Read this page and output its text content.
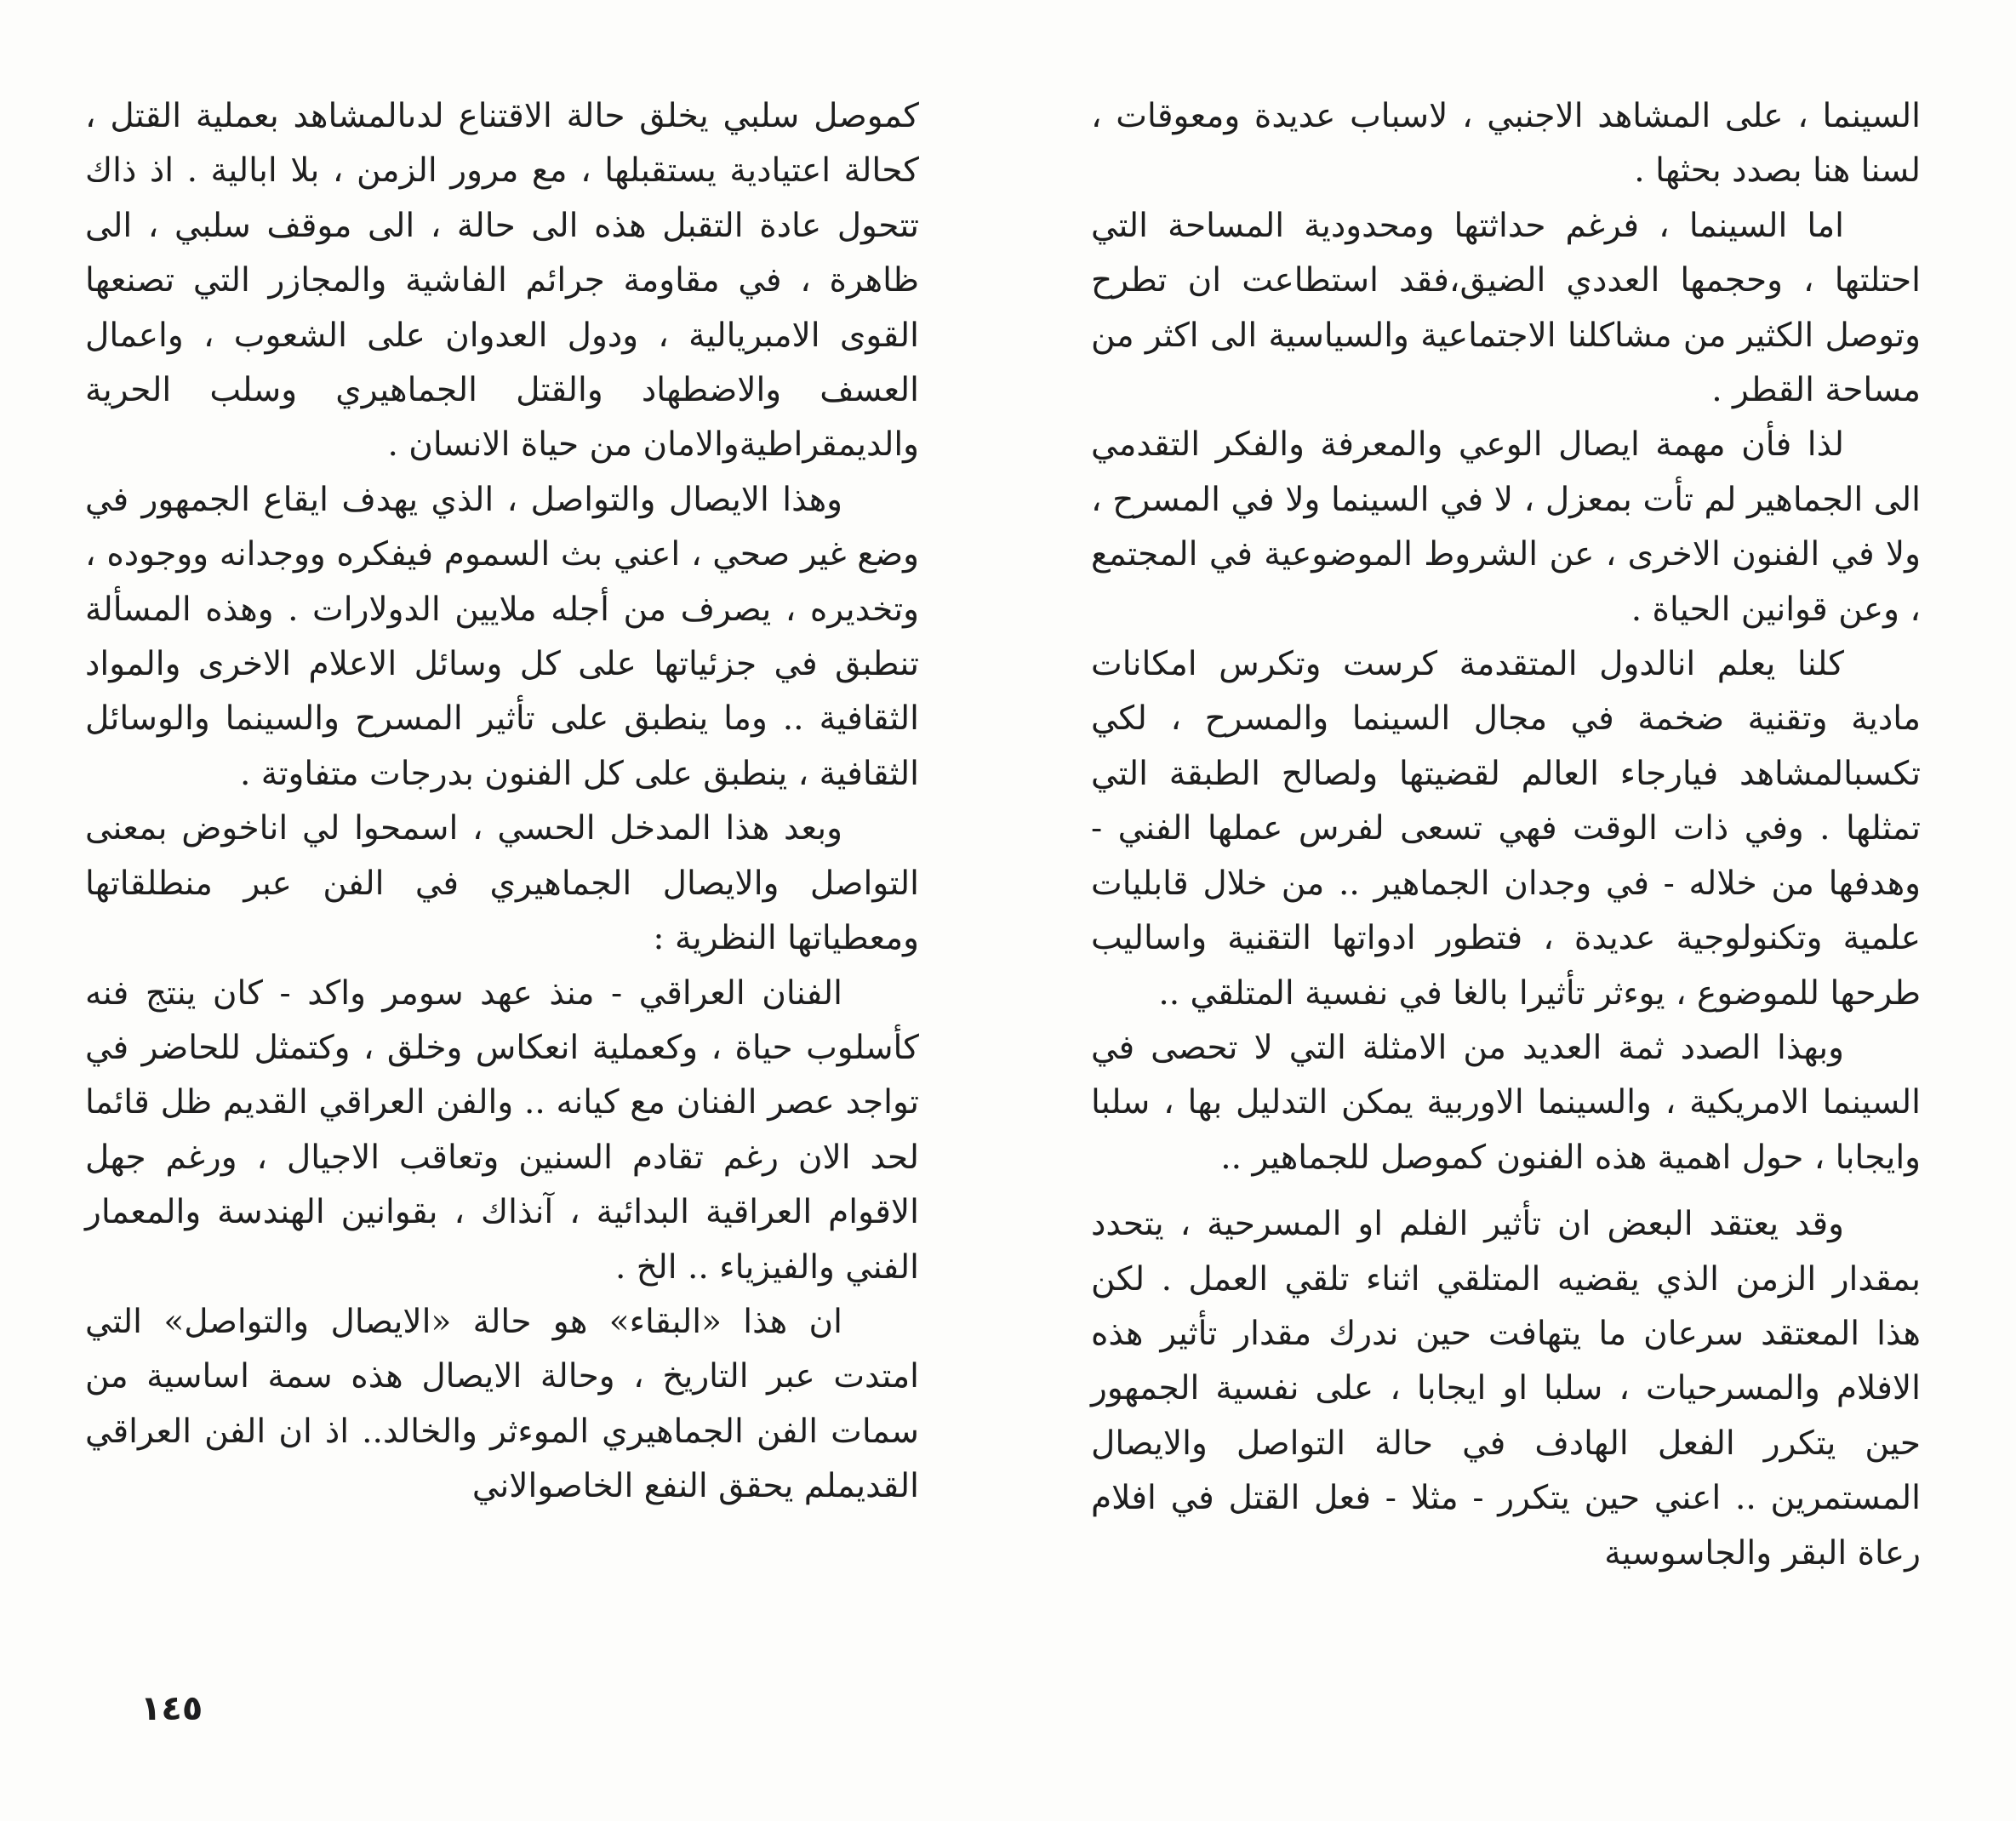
السينما ، على المشاهد الاجنبي ، لاسباب عديدة ومعوقات ، لسنا هنا بصدد بحثها .

اما السينما ، فرغم حداثتها ومحدودية المساحة التي احتلتها ، وحجمها العددي الضيق،فقد استطاعت ان تطرح وتوصل الكثير من مشاكلنا الاجتماعية والسياسية الى اكثر من مساحة القطر .

لذا فأن مهمة ايصال الوعي والمعرفة والفكر التقدمي الى الجماهير لم تأت بمعزل ، لا في السينما ولا في المسرح ، ولا في الفنون الاخرى ، عن الشروط الموضوعية في المجتمع ، وعن قوانين الحياة .

كلنا يعلم انالدول المتقدمة كرست وتكرس امكانات مادية وتقنية ضخمة في مجال السينما والمسرح ، لكي تكسبالمشاهد فيارجاء العالم لقضيتها ولصالح الطبقة التي تمثلها . وفي ذات الوقت فهي تسعى لفرس عملها الفني - وهدفها من خلاله - في وجدان الجماهير .. من خلال قابليات علمية وتكنولوجية عديدة ، فتطور ادواتها التقنية واساليب طرحها للموضوع ، يوءثر تأثيرا بالغا في نفسية المتلقي ..

وبهذا الصدد ثمة العديد من الامثلة التي لا تحصى في السينما الامريكية ، والسينما الاوربية يمكن التدليل بها ، سلبا وايجابا ، حول اهمية هذه الفنون كموصل للجماهير ..

وقد يعتقد البعض ان تأثير الفلم او المسرحية ، يتحدد بمقدار الزمن الذي يقضيه المتلقي اثناء تلقي العمل . لكن هذا المعتقد سرعان ما يتهافت حين ندرك مقدار تأثير هذه الافلام والمسرحيات ، سلبا او ايجابا ، على نفسية الجمهور حين يتكرر الفعل الهادف في حالة التواصل والايصال المستمرين .. اعني حين يتكرر - مثلا - فعل القتل في افلام رعاة البقر والجاسوسية

كموصل سلبي يخلق حالة الاقتناع لدىالمشاهد بعملية القتل ، كحالة اعتيادية يستقبلها ، مع مرور الزمن ، بلا ابالية . اذ ذاك تتحول عادة التقبل هذه الى حالة ، الى موقف سلبي ، الى ظاهرة ، في مقاومة جرائم الفاشية والمجازر التي تصنعها القوى الامبريالية ، ودول العدوان على الشعوب ، واعمال العسف والاضطهاد والقتل الجماهيري وسلب الحرية والديمقراطيةوالامان من حياة الانسان .

وهذا الايصال والتواصل ، الذي يهدف ايقاع الجمهور في وضع غير صحي ، اعني بث السموم فيفكره ووجدانه ووجوده ، وتخديره ، يصرف من أجله ملايين الدولارات . وهذه المسألة تنطبق في جزئياتها على كل وسائل الاعلام الاخرى والمواد الثقافية .. وما ينطبق على تأثير المسرح والسينما والوسائل الثقافية ، ينطبق على كل الفنون بدرجات متفاوتة .

وبعد هذا المدخل الحسي ، اسمحوا لي اناخوض بمعنى التواصل والايصال الجماهيري في الفن عبر منطلقاتها ومعطياتها النظرية :

الفنان العراقي - منذ عهد سومر واكد - كان ينتج فنه كأسلوب حياة ، وكعملية انعكاس وخلق ، وكتمثل للحاضر في تواجد عصر الفنان مع كيانه .. والفن العراقي القديم ظل قائما لحد الان رغم تقادم السنين وتعاقب الاجيال ، ورغم جهل الاقوام العراقية البدائية ، آنذاك ، بقوانين الهندسة والمعمار الفني والفيزياء .. الخ .

ان هذا «البقاء» هو حالة «الايصال والتواصل» التي امتدت عبر التاريخ ، وحالة الايصال هذه سمة اساسية من سمات الفن الجماهيري الموءثر والخالد.. اذ ان الفن العراقي القديملم يحقق النفع الخاصوالاني

١٤٥
